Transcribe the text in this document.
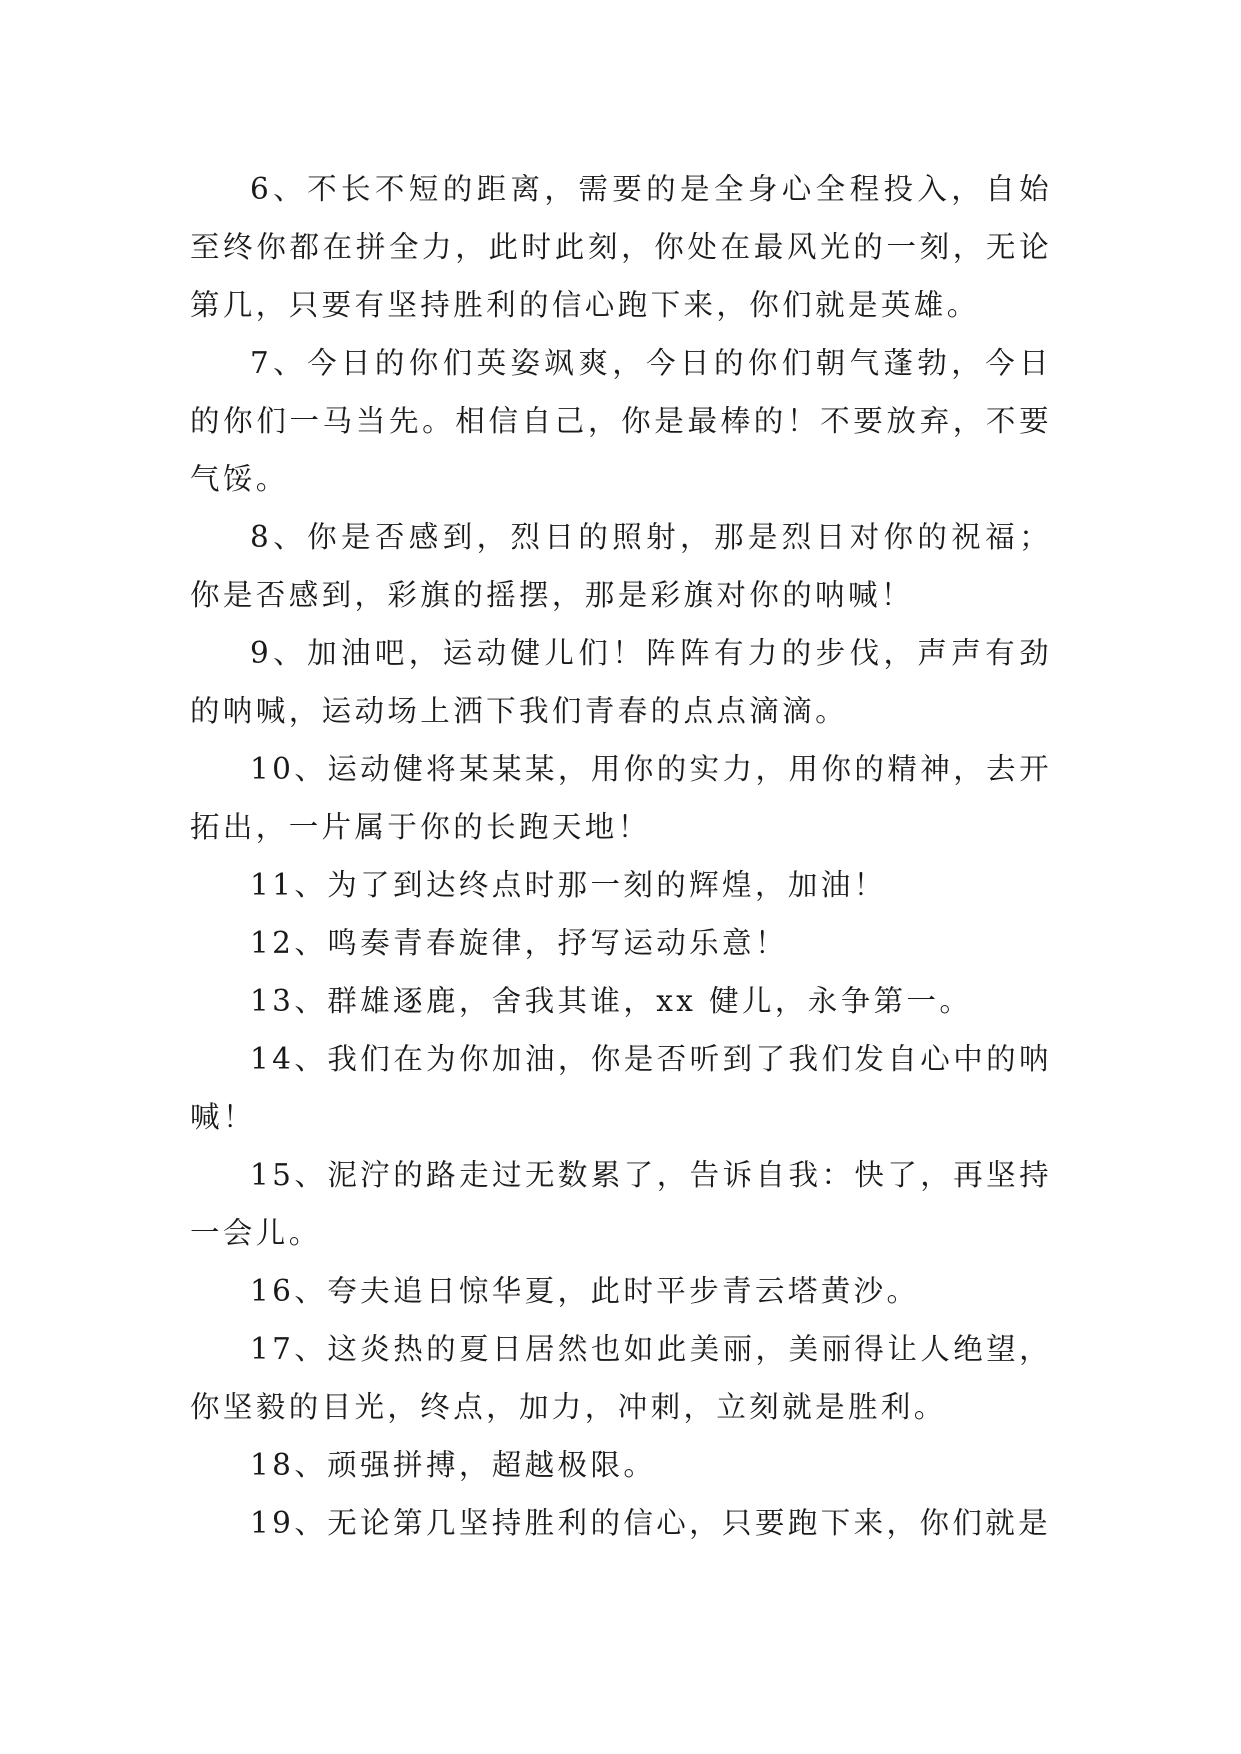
6、不长不短的距离，需要的是全身心全程投入，自始至终你都在拼全力，此时此刻，你处在最风光的一刻，无论第几，只要有坚持胜利的信心跑下来，你们就是英雄。

7、今日的你们英姿飒爽，今日的你们朝气蓬勃，今日的你们一马当先。相信自己，你是最棒的！不要放弃，不要气馁。

8、你是否感到，烈日的照射，那是烈日对你的祝福；你是否感到，彩旗的摇摆，那是彩旗对你的呐喊！

9、加油吧，运动健儿们！阵阵有力的步伐，声声有劲的呐喊，运动场上洒下我们青春的点点滴滴。

10、运动健将某某某，用你的实力，用你的精神，去开拓出，一片属于你的长跑天地！

11、为了到达终点时那一刻的辉煌，加油！

12、鸣奏青春旋律，抒写运动乐意！

13、群雄逐鹿，舍我其谁，xx 健儿，永争第一。

14、我们在为你加油，你是否听到了我们发自心中的呐喊！

15、泥泞的路走过无数累了，告诉自我：快了，再坚持一会儿。

16、夸夫追日惊华夏，此时平步青云塔黄沙。

17、这炎热的夏日居然也如此美丽，美丽得让人绝望，你坚毅的目光，终点，加力，冲刺，立刻就是胜利。

18、顽强拼搏，超越极限。

19、无论第几坚持胜利的信心，只要跑下来，你们就是
